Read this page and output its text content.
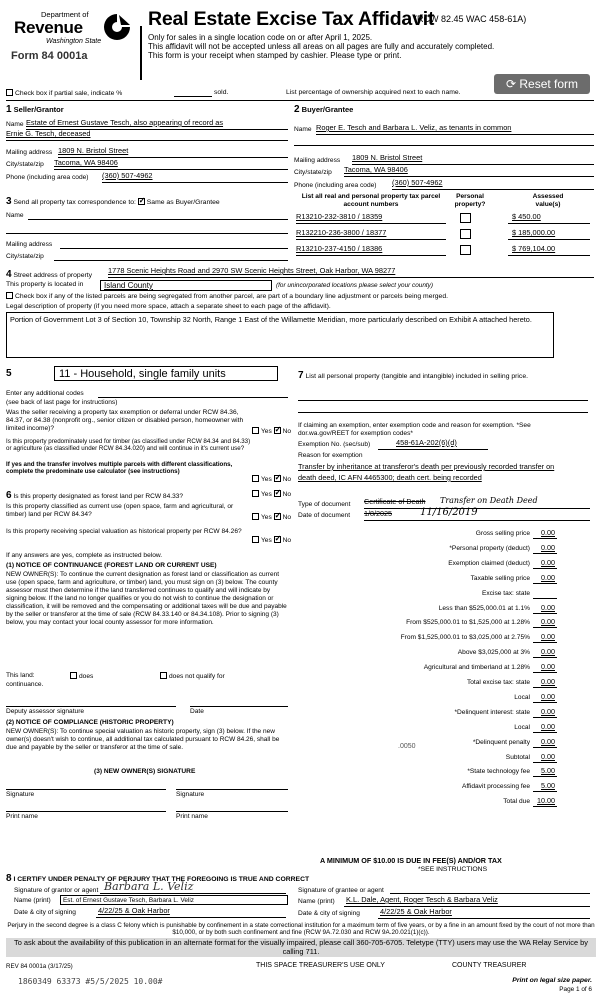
Department of
Revenue
Washington State
Form 84 0001a
Real Estate Excise Tax Affidavit
(RCW 82.45 WAC 458-61A)
Only for sales in a single location code on or after April 1, 2025.
This affidavit will not be accepted unless all areas on all pages are fully and accurately completed.
This form is your receipt when stamped by cashier. Please type or print.
⟳ Reset form
Check box if partial sale, indicate %	sold.	List percentage of ownership acquired next to each name.
1 Seller/Grantor
Name Estate of Ernest Gustave Tesch, also appearing of record as
Ernie G. Tesch, deceased
Mailing address 1809 N. Bristol Street
City/state/zip Tacoma, WA 98406
Phone (including area code) (360) 507-4962
2 Buyer/Grantee
Name Roger E. Tesch and Barbara L. Veliz, as tenants in common
Mailing address 1809 N. Bristol Street
City/state/zip Tacoma, WA 98406
Phone (including area code) (360) 507-4962
3 Send all property tax correspondence to: ✓ Same as Buyer/Grantee
Name
Mailing address
City/state/zip
List all real and personal property tax parcel account numbers
Personal property?
Assessed value(s)
R13210-232-3810 / 18359	$ 450.00
R132210-236-3800 / 18377	$ 185,000.00
R13210-237-4150 / 18386	$ 769,104.00
4 Street address of property
1778 Scenic Heights Road and 2970 SW Scenic Heights Street, Oak Harbor, WA 98277
This property is located in	Island County	(for unincorporated locations please select your county)
Check box if any of the listed parcels are being segregated from another parcel, are part of a boundary line adjustment or parcels being merged.
Legal description of property (if you need more space, attach a separate sheet to each page of the affidavit).
Portion of Government Lot 3 of Section 10, Township 32 North, Range 1 East of the Willamette Meridian, more particularly described on Exhibit A attached hereto.
5	11 - Household, single family units
Enter any additional codes
(see back of last page for instructions)
Was the seller receiving a property tax exemption or deferral under RCW 84.36, 84.37, or 84.38 (nonprofit org., senior citizen or disabled person, homeowner with limited income)?	Yes ✓ No
Is this property predominately used for timber (as classified under RCW 84.34 and 84.33) or agriculture (as classified under RCW 84.34.020) and will continue in it's current use?
If yes and the transfer involves multiple parcels with different classifications, complete the predominate use calculator (see instructions)
Yes ✓ No
6 Is this property designated as forest land per RCW 84.33?	Yes ✓ No
Is this property classified as current use (open space, farm and agricultural, or timber) land per RCW 84.34?	Yes ✓ No
Is this property receiving special valuation as historical property per RCW 84.26?
Yes ✓ No
If any answers are yes, complete as instructed below.
(1) NOTICE OF CONTINUANCE (FOREST LAND OR CURRENT USE)
NEW OWNER(S): To continue the current designation as forest land or classification as current use (open space, farm and agriculture, or timber) land, you must sign on (3) below. The county assessor must then determine if the land transferred continues to qualify and will indicate by signing below. If the land no longer qualifies or you do not wish to continue the designation or classification, it will be removed and the compensating or additional taxes will be due and payable by the seller or transferor at the time of sale (RCW 84.33.140 or 84.34.108). Prior to signing (3) below, you may contact your local county assessor for more information.
This land:	does	does not qualify for
continuance.
Deputy assessor signature	Date
(2) NOTICE OF COMPLIANCE (HISTORIC PROPERTY)
NEW OWNER(S): To continue special valuation as historic property, sign (3) below. If the new owner(s) doesn't wish to continue, all additional tax calculated pursuant to RCW 84.26, shall be due and payable by the seller or transferor at the time of sale.
(3) NEW OWNER(S) SIGNATURE
Signature	Signature
Print name	Print name
7 List all personal property (tangible and intangible) included in selling price.
If claiming an exemption, enter exemption code and reason for exemption. *See dor.wa.gov/REET for exemption codes*
Exemption No. (sec/sub)	458-61A-202(6)(d)
Reason for exemption
Transfer by inheritance at transferor's death per previously recorded transfer on death deed, IC AFN 4465300; death cert. being recorded
Type of document Certificate of Death Transfer on Death Deed
Date of document 1/8/2025	11/16/2019
Gross selling price	0.00
*Personal property (deduct)	0.00
Exemption claimed (deduct)	0.00
Taxable selling price	0.00
Excise tax: state
Less than $525,000.01 at 1.1%	0.00
From $525,000.01 to $1,525,000 at 1.28%	0.00
From $1,525,000.01 to $3,025,000 at 2.75%	0.00
Above $3,025,000 at 3%	0.00
Agricultural and timberland at 1.28%	0.00
Total excise tax: state	0.00
Local	0.00
*Delinquent interest: state	0.00
Local	0.00
*Delinquent penalty	0.00
Subtotal	0.00
*State technology fee	5.00
Affidavit processing fee	5.00
Total due 10.00
.0050
A MINIMUM OF $10.00 IS DUE IN FEE(S) AND/OR TAX
*SEE INSTRUCTIONS
8 I CERTIFY UNDER PENALTY OF PERJURY THAT THE FOREGOING IS TRUE AND CORRECT
Signature of grantor or agent Barbara L. Veliz
Name (print)	Est. of Ernest Gustave Tesch, Barbara L. Veliz
Date & city of signing	4/22/25 & Oak Harbor
Signature of grantee or agent
Name (print) K.L. Dale, Agent, Roger Tesch & Barbara Veliz
Date & city of signing	4/22/25 & Oak Harbor
Perjury in the second degree is a class C felony which is punishable by confinement in a state correctional institution for a maximum term of five years, or by a fine in an amount fixed by the court of not more than $10,000, or by both such confinement and fine (RCW 9A.72.030 and RCW 9A.20.021(1)(c)).
To ask about the availability of this publication in an alternate format for the visually impaired, please call 360-705-6705. Teletype (TTY) users may use the WA Relay Service by calling 711.
REV 84 0001a (3/17/25)	THIS SPACE TREASURER'S USE ONLY	COUNTY TREASURER
1860349 63373 #5/5/2025 10.00#	Print on legal size paper.
Page 1 of 6
